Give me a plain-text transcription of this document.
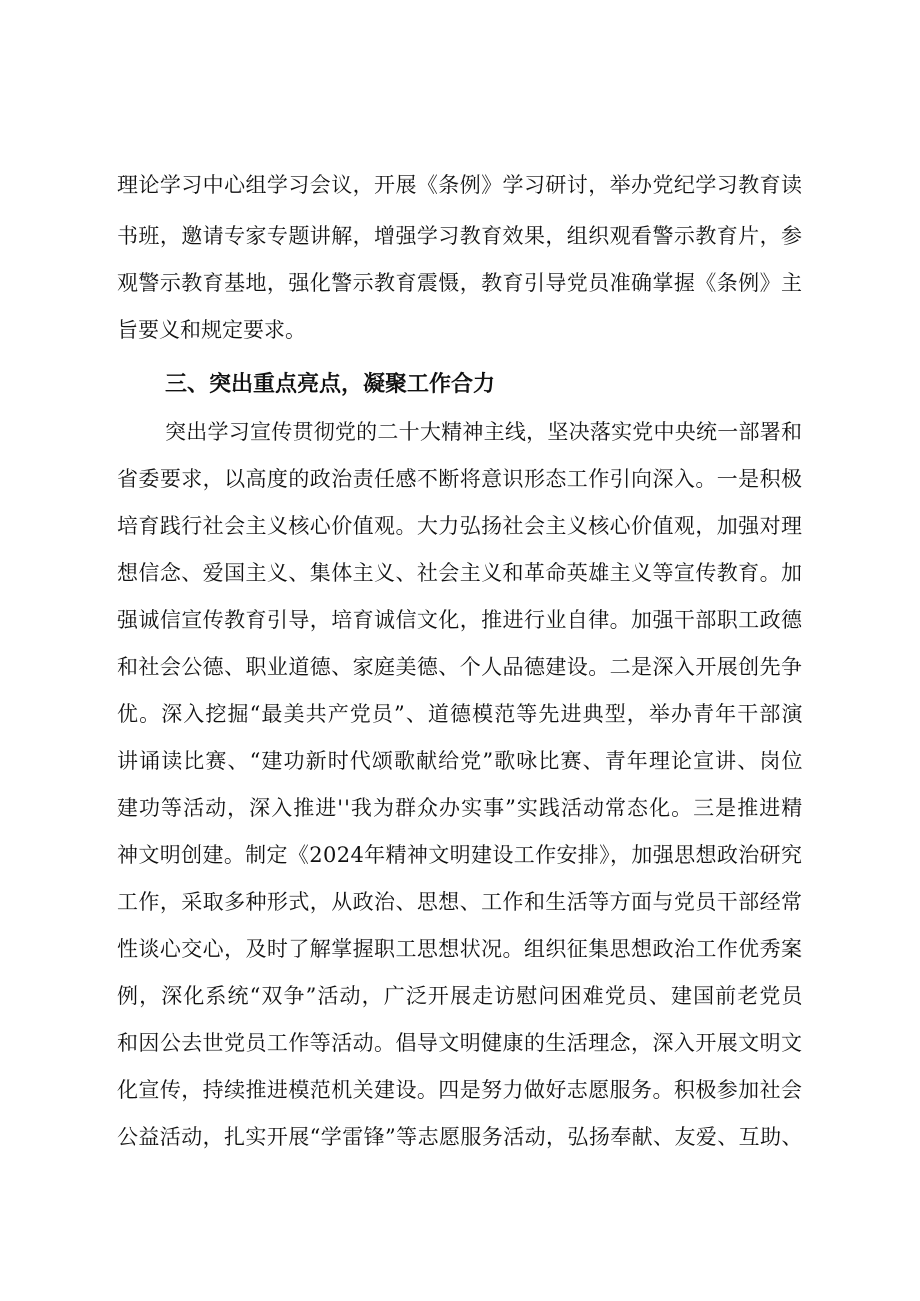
理论学习中心组学习会议，开展《条例》学习研讨，举办党纪学习教育读
书班，邀请专家专题讲解，增强学习教育效果，组织观看警示教育片，参
观警示教育基地，强化警示教育震慑，教育引导党员准确掌握《条例》主
旨要义和规定要求。
三、突出重点亮点，凝聚工作合力
突出学习宣传贯彻党的二十大精神主线，坚决落实党中央统一部署和
省委要求，以高度的政治责任感不断将意识形态工作引向深入。一是积极
培育践行社会主义核心价值观。大力弘扬社会主义核心价值观，加强对理
想信念、爱国主义、集体主义、社会主义和革命英雄主义等宣传教育。加
强诚信宣传教育引导，培育诚信文化，推进行业自律。加强干部职工政德
和社会公德、职业道德、家庭美德、个人品德建设。二是深入开展创先争
优。深入挖掘“最美共产党员”、道德模范等先进典型，举办青年干部演
讲诵读比赛、“建功新时代颂歌献给党”歌咏比赛、青年理论宣讲、岗位
建功等活动，深入推进''我为群众办实事”实践活动常态化。三是推进精
神文明创建。制定《2024年精神文明建设工作安排》，加强思想政治研究
工作，采取多种形式，从政治、思想、工作和生活等方面与党员干部经常
性谈心交心，及时了解掌握职工思想状况。组织征集思想政治工作优秀案
例，深化系统“双争”活动，广泛开展走访慰问困难党员、建国前老党员
和因公去世党员工作等活动。倡导文明健康的生活理念，深入开展文明文
化宣传，持续推进模范机关建设。四是努力做好志愿服务。积极参加社会
公益活动，扎实开展“学雷锋”等志愿服务活动，弘扬奉献、友爱、互助、
